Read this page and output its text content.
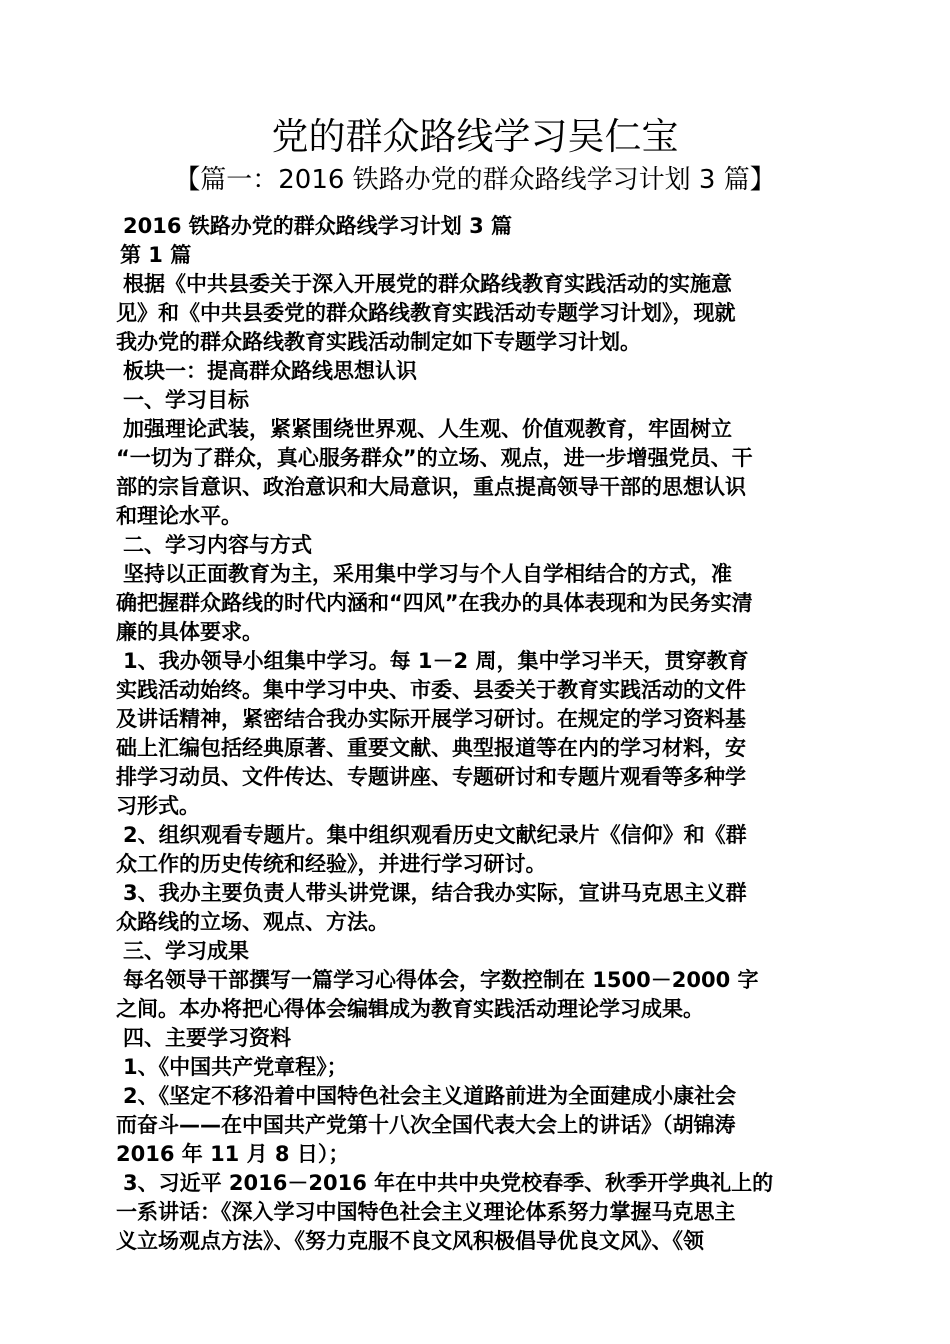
党的群众路线学习吴仁宝
【篇一：2016 铁路办党的群众路线学习计划 3 篇】
2016 铁路办党的群众路线学习计划 3 篇
第 1 篇
根据《中共县委关于深入开展党的群众路线教育实践活动的实施意
见》和《中共县委党的群众路线教育实践活动专题学习计划》，现就
我办党的群众路线教育实践活动制定如下专题学习计划。
板块一：提高群众路线思想认识
一、学习目标
加强理论武装，紧紧围绕世界观、人生观、价值观教育，牢固树立
“一切为了群众，真心服务群众”的立场、观点，进一步增强党员、干
部的宗旨意识、政治意识和大局意识，重点提高领导干部的思想认识
和理论水平。
二、学习内容与方式
坚持以正面教育为主，采用集中学习与个人自学相结合的方式，准
确把握群众路线的时代内涵和“四风”在我办的具体表现和为民务实清
廉的具体要求。
1、我办领导小组集中学习。每 1－2 周，集中学习半天，贯穿教育
实践活动始终。集中学习中央、市委、县委关于教育实践活动的文件
及讲话精神，紧密结合我办实际开展学习研讨。在规定的学习资料基
础上汇编包括经典原著、重要文献、典型报道等在内的学习材料，安
排学习动员、文件传达、专题讲座、专题研讨和专题片观看等多种学
习形式。
2、组织观看专题片。集中组织观看历史文献纪录片《信仰》和《群
众工作的历史传统和经验》，并进行学习研讨。
3、我办主要负责人带头讲党课，结合我办实际，宣讲马克思主义群
众路线的立场、观点、方法。
三、学习成果
每名领导干部撰写一篇学习心得体会，字数控制在 1500－2000 字
之间。本办将把心得体会编辑成为教育实践活动理论学习成果。
四、主要学习资料
1、《中国共产党章程》；
2、《坚定不移沿着中国特色社会主义道路前进为全面建成小康社会
而奋斗——在中国共产党第十八次全国代表大会上的讲话》（胡锦涛
2016 年 11 月 8 日）；
3、习近平 2016－2016 年在中共中央党校春季、秋季开学典礼上的
一系讲话：《深入学习中国特色社会主义理论体系努力掌握马克思主
义立场观点方法》、《努力克服不良文风积极倡导优良文风》、《领
